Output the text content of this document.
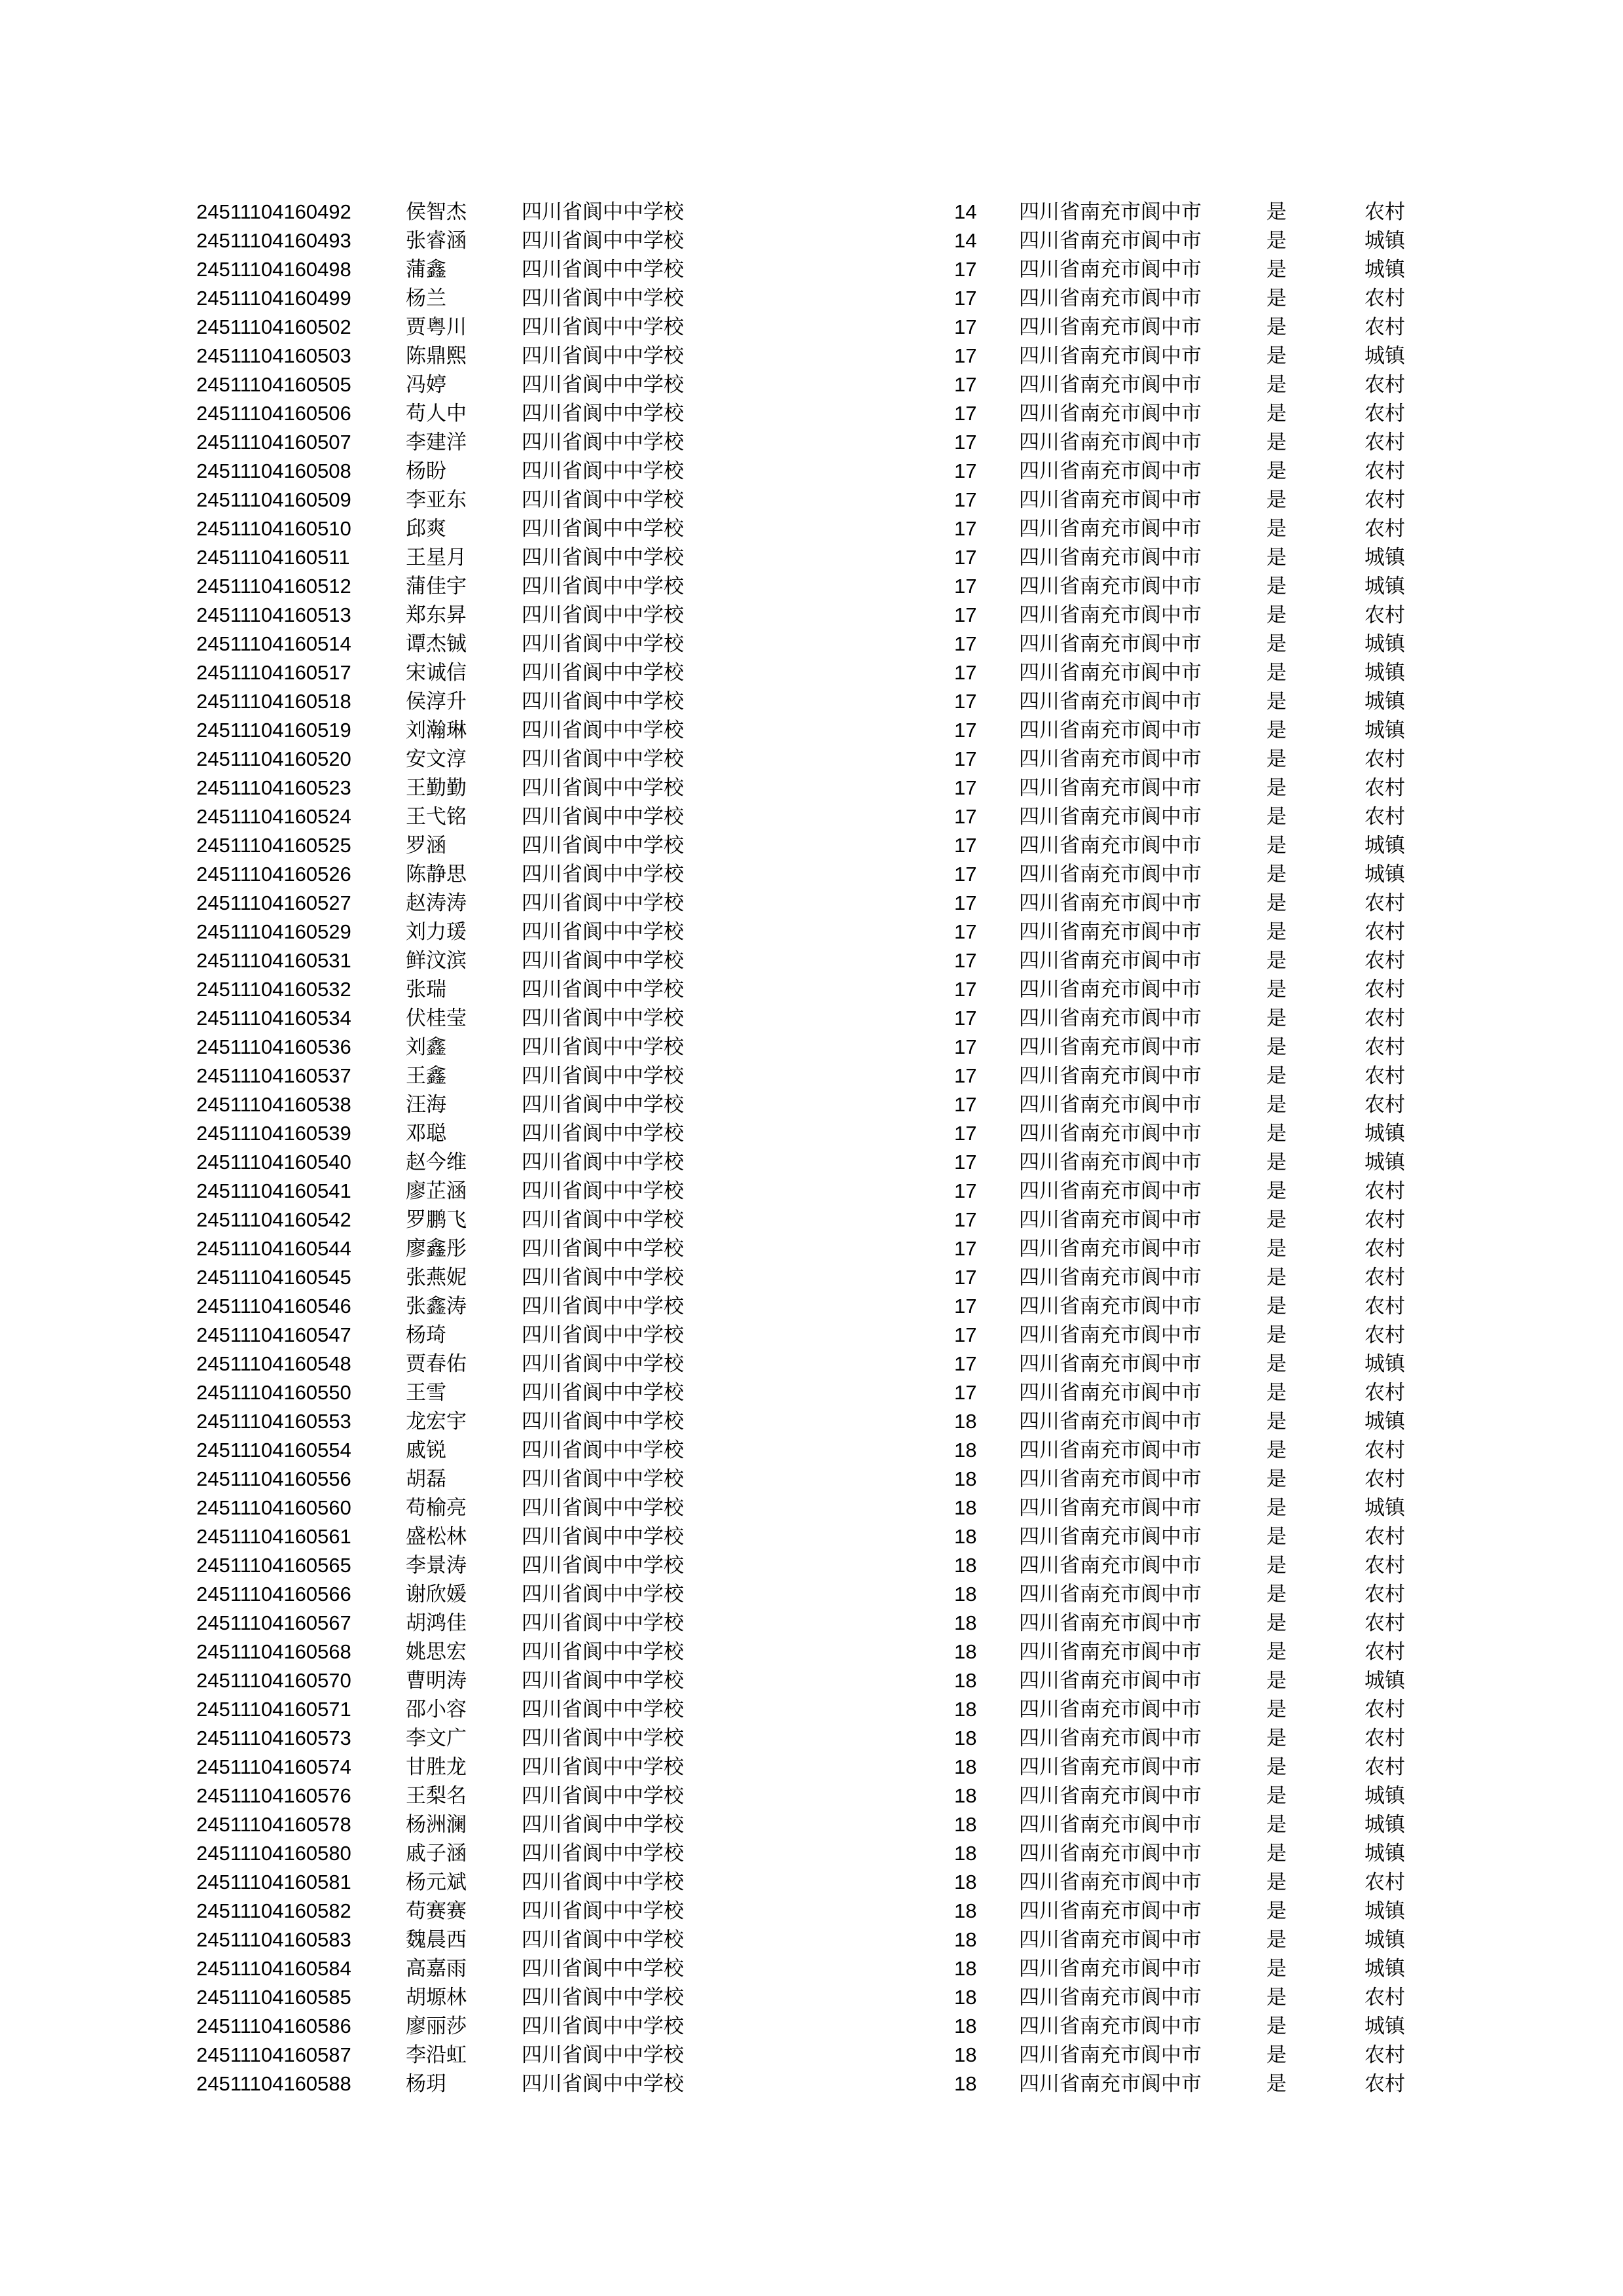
24511104160492	侯智杰	四川省阆中中学校	14 四川省南充市阆中市	是	农村
24511104160493	张睿涵	四川省阆中中学校	14 四川省南充市阆中市	是	城镇
24511104160498	蒲鑫	四川省阆中中学校	17 四川省南充市阆中市	是	城镇
24511104160499	杨兰	四川省阆中中学校	17 四川省南充市阆中市	是	农村
24511104160502	贾粤川	四川省阆中中学校	17 四川省南充市阆中市	是	农村
24511104160503	陈鼎熙	四川省阆中中学校	17 四川省南充市阆中市	是	城镇
24511104160505	冯婷	四川省阆中中学校	17 四川省南充市阆中市	是	农村
24511104160506	苟人中	四川省阆中中学校	17 四川省南充市阆中市	是	农村
24511104160507	李建洋	四川省阆中中学校	17 四川省南充市阆中市	是	农村
24511104160508	杨盼	四川省阆中中学校	17 四川省南充市阆中市	是	农村
24511104160509	李亚东	四川省阆中中学校	17 四川省南充市阆中市	是	农村
24511104160510	邱爽	四川省阆中中学校	17 四川省南充市阆中市	是	农村
24511104160511	王星月	四川省阆中中学校	17 四川省南充市阆中市	是	城镇
24511104160512	蒲佳宇	四川省阆中中学校	17 四川省南充市阆中市	是	城镇
24511104160513	郑东昇	四川省阆中中学校	17 四川省南充市阆中市	是	农村
24511104160514	谭杰铖	四川省阆中中学校	17 四川省南充市阆中市	是	城镇
24511104160517	宋诚信	四川省阆中中学校	17 四川省南充市阆中市	是	城镇
24511104160518	侯淳升	四川省阆中中学校	17 四川省南充市阆中市	是	城镇
24511104160519	刘瀚琳	四川省阆中中学校	17 四川省南充市阆中市	是	城镇
24511104160520	安文淳	四川省阆中中学校	17 四川省南充市阆中市	是	农村
24511104160523	王勤勤	四川省阆中中学校	17 四川省南充市阆中市	是	农村
24511104160524	王弋铭	四川省阆中中学校	17 四川省南充市阆中市	是	农村
24511104160525	罗涵	四川省阆中中学校	17 四川省南充市阆中市	是	城镇
24511104160526	陈静思	四川省阆中中学校	17 四川省南充市阆中市	是	城镇
24511104160527	赵涛涛	四川省阆中中学校	17 四川省南充市阆中市	是	农村
24511104160529	刘力瑗	四川省阆中中学校	17 四川省南充市阆中市	是	农村
24511104160531	鲜汶滨	四川省阆中中学校	17 四川省南充市阆中市	是	农村
24511104160532	张瑞	四川省阆中中学校	17 四川省南充市阆中市	是	农村
24511104160534	伏桂莹	四川省阆中中学校	17 四川省南充市阆中市	是	农村
24511104160536	刘鑫	四川省阆中中学校	17 四川省南充市阆中市	是	农村
24511104160537	王鑫	四川省阆中中学校	17 四川省南充市阆中市	是	农村
24511104160538	汪海	四川省阆中中学校	17 四川省南充市阆中市	是	农村
24511104160539	邓聪	四川省阆中中学校	17 四川省南充市阆中市	是	城镇
24511104160540	赵今维	四川省阆中中学校	17 四川省南充市阆中市	是	城镇
24511104160541	廖芷涵	四川省阆中中学校	17 四川省南充市阆中市	是	农村
24511104160542	罗鹏飞	四川省阆中中学校	17 四川省南充市阆中市	是	农村
24511104160544	廖鑫彤	四川省阆中中学校	17 四川省南充市阆中市	是	农村
24511104160545	张燕妮	四川省阆中中学校	17 四川省南充市阆中市	是	农村
24511104160546	张鑫涛	四川省阆中中学校	17 四川省南充市阆中市	是	农村
24511104160547	杨琦	四川省阆中中学校	17 四川省南充市阆中市	是	农村
24511104160548	贾春佑	四川省阆中中学校	17 四川省南充市阆中市	是	城镇
24511104160550	王雪	四川省阆中中学校	17 四川省南充市阆中市	是	农村
24511104160553	龙宏宇	四川省阆中中学校	18 四川省南充市阆中市	是	城镇
24511104160554	戚锐	四川省阆中中学校	18 四川省南充市阆中市	是	农村
24511104160556	胡磊	四川省阆中中学校	18 四川省南充市阆中市	是	农村
24511104160560	苟榆亮	四川省阆中中学校	18 四川省南充市阆中市	是	城镇
24511104160561	盛松林	四川省阆中中学校	18 四川省南充市阆中市	是	农村
24511104160565	李景涛	四川省阆中中学校	18 四川省南充市阆中市	是	农村
24511104160566	谢欣媛	四川省阆中中学校	18 四川省南充市阆中市	是	农村
24511104160567	胡鸿佳	四川省阆中中学校	18 四川省南充市阆中市	是	农村
24511104160568	姚思宏	四川省阆中中学校	18 四川省南充市阆中市	是	农村
24511104160570	曹明涛	四川省阆中中学校	18 四川省南充市阆中市	是	城镇
24511104160571	邵小容	四川省阆中中学校	18 四川省南充市阆中市	是	农村
24511104160573	李文广	四川省阆中中学校	18 四川省南充市阆中市	是	农村
24511104160574	甘胜龙	四川省阆中中学校	18 四川省南充市阆中市	是	农村
24511104160576	王梨名	四川省阆中中学校	18 四川省南充市阆中市	是	城镇
24511104160578	杨洲澜	四川省阆中中学校	18 四川省南充市阆中市	是	城镇
24511104160580	戚子涵	四川省阆中中学校	18 四川省南充市阆中市	是	城镇
24511104160581	杨元斌	四川省阆中中学校	18 四川省南充市阆中市	是	农村
24511104160582	苟赛赛	四川省阆中中学校	18 四川省南充市阆中市	是	城镇
24511104160583	魏晨西	四川省阆中中学校	18 四川省南充市阆中市	是	城镇
24511104160584	高嘉雨	四川省阆中中学校	18 四川省南充市阆中市	是	城镇
24511104160585	胡塬林	四川省阆中中学校	18 四川省南充市阆中市	是	农村
24511104160586	廖丽莎	四川省阆中中学校	18 四川省南充市阆中市	是	城镇
24511104160587	李沿虹	四川省阆中中学校	18 四川省南充市阆中市	是	农村
24511104160588	杨玥	四川省阆中中学校	18 四川省南充市阆中市	是	农村
